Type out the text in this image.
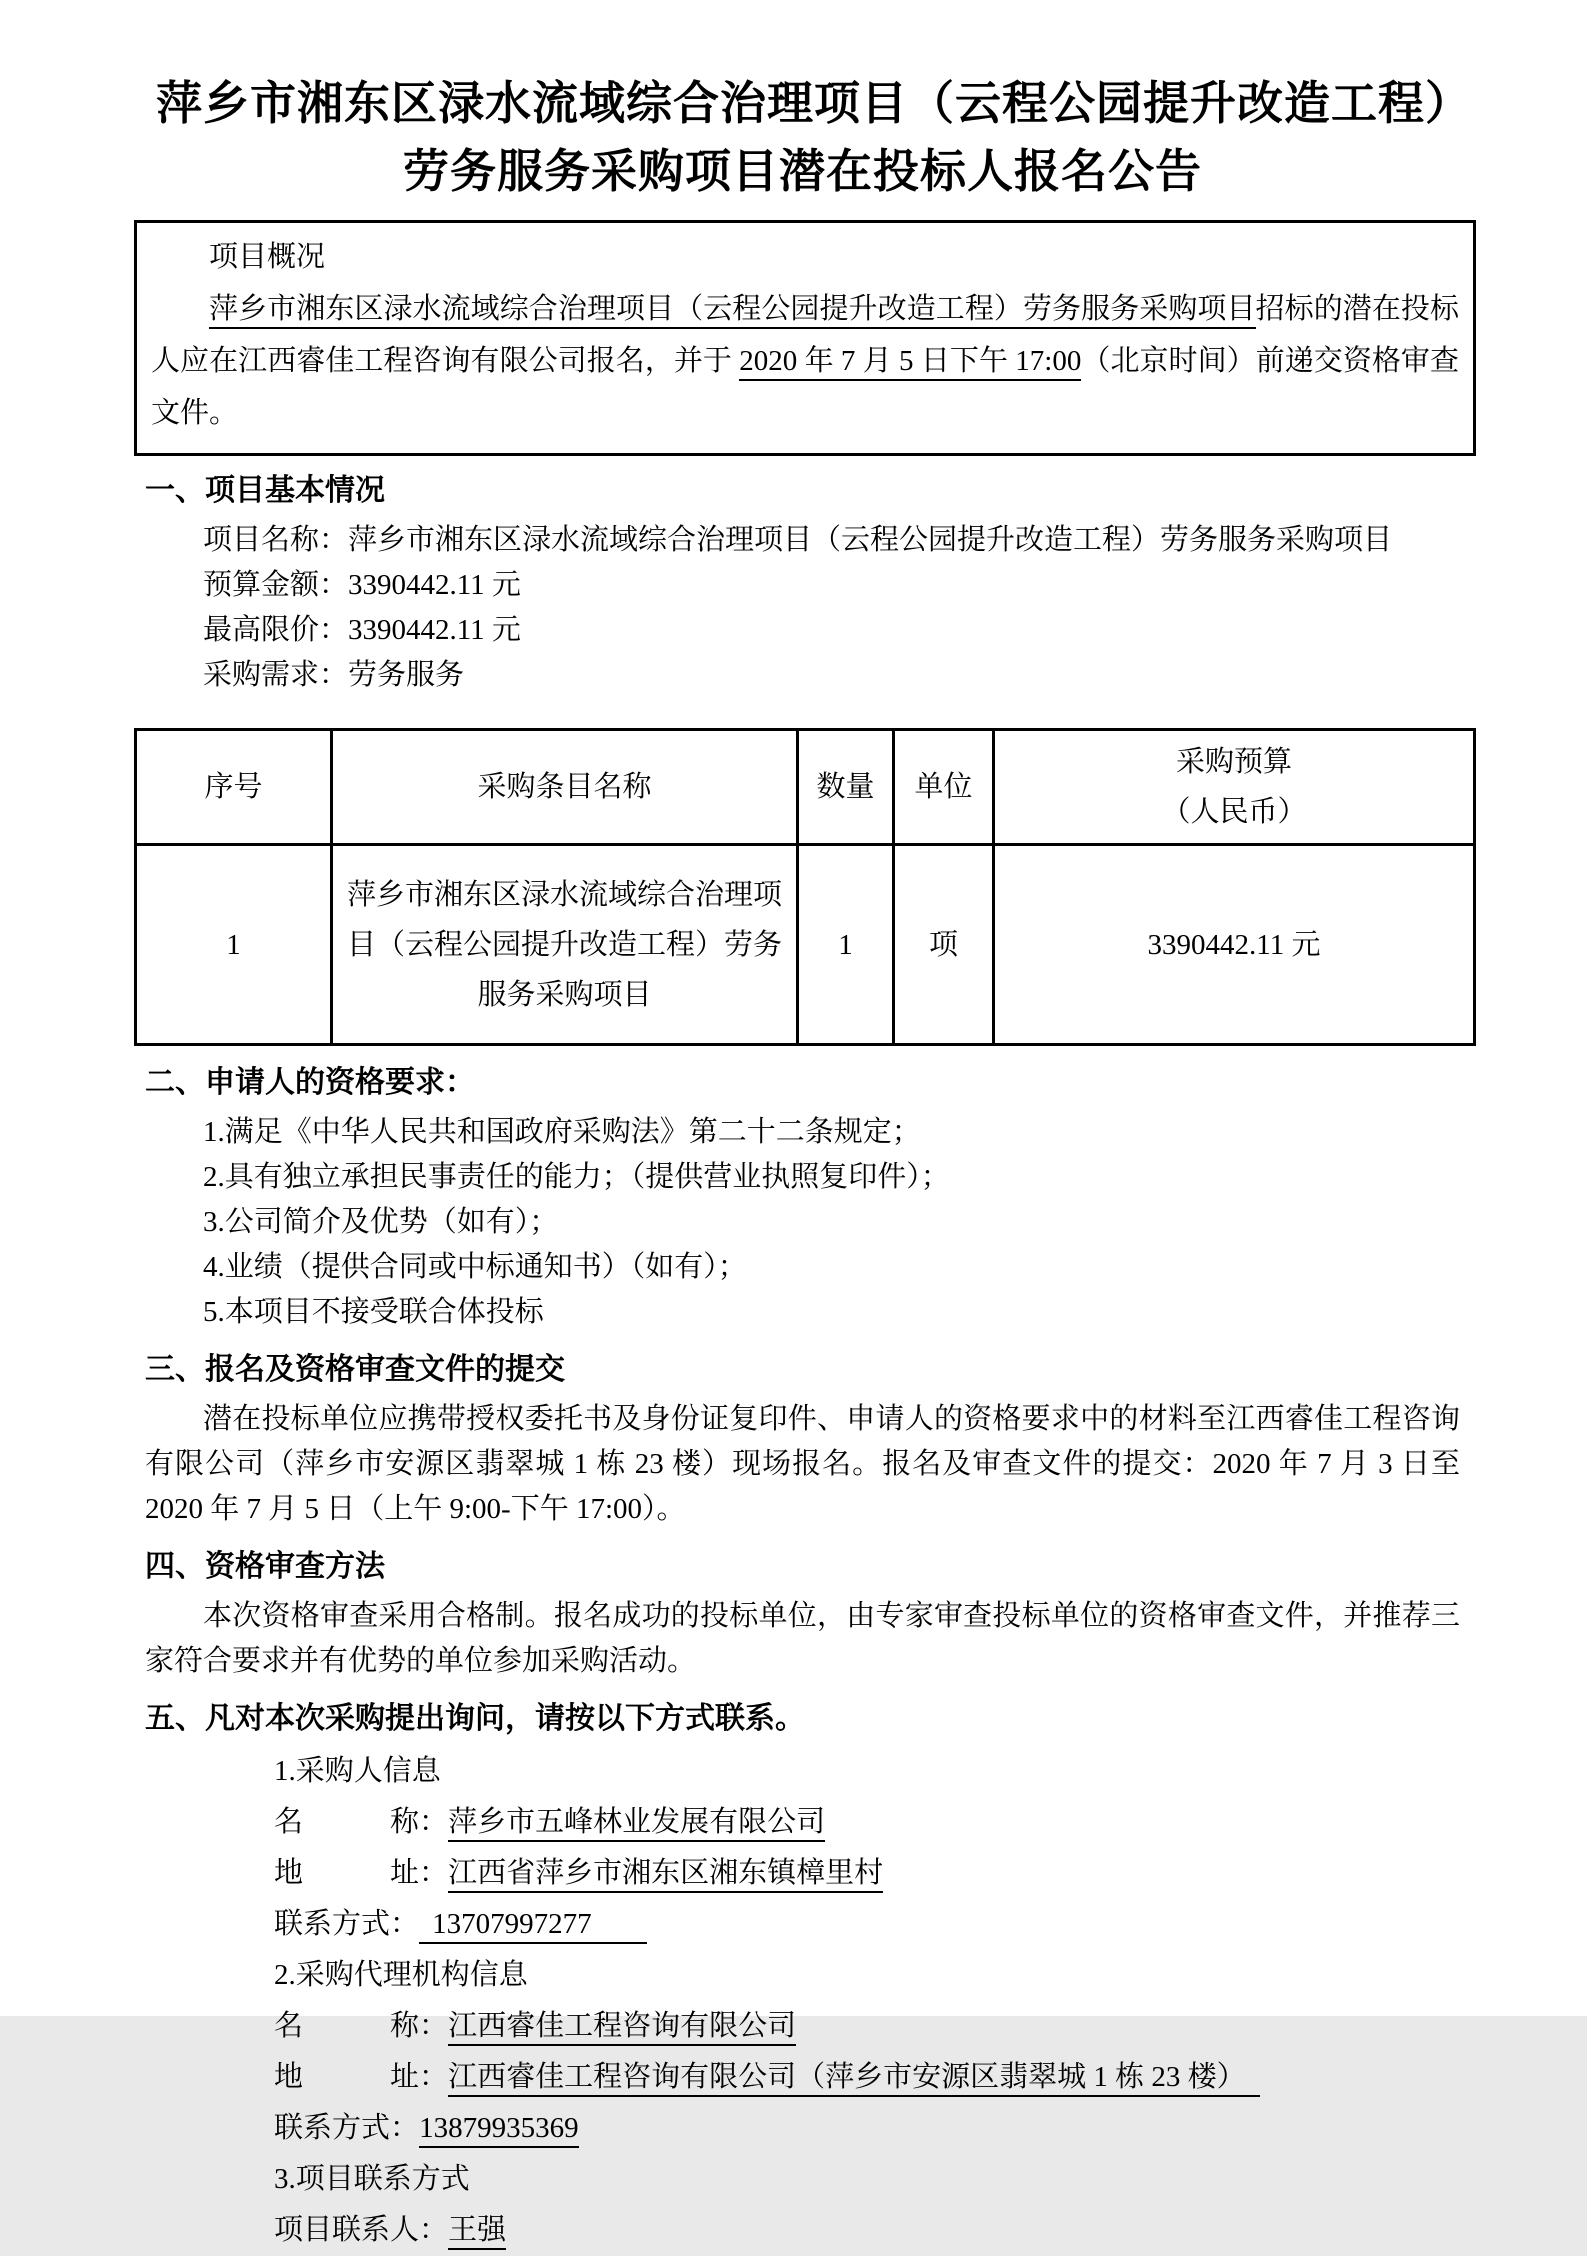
萍乡市湘东区渌水流域综合治理项目（云程公园提升改造工程）劳务服务采购项目潜在投标人报名公告

项目概况

萍乡市湘东区渌水流域综合治理项目（云程公园提升改造工程）劳务服务采购项目招标的潜在投标人应在江西睿佳工程咨询有限公司报名，并于 2020 年 7 月 5 日下午 17:00（北京时间）前递交资格审查文件。

一、项目基本情况

项目名称：萍乡市湘东区渌水流域综合治理项目（云程公园提升改造工程）劳务服务采购项目

预算金额：3390442.11 元

最高限价：3390442.11 元

采购需求：劳务服务

序号	采购条目名称	数量	单位	采购预算
（人民币）
1	萍乡市湘东区渌水流域综合治理项目（云程公园提升改造工程）劳务服务采购项目	1	项	3390442.11 元
二、申请人的资格要求：

1.满足《中华人民共和国政府采购法》第二十二条规定；

2.具有独立承担民事责任的能力；（提供营业执照复印件）；

3.公司简介及优势（如有）；

4.业绩（提供合同或中标通知书）（如有）；

5.本项目不接受联合体投标

三、报名及资格审查文件的提交

潜在投标单位应携带授权委托书及身份证复印件、申请人的资格要求中的材料至江西睿佳工程咨询有限公司（萍乡市安源区翡翠城 1 栋 23 楼）现场报名。报名及审查文件的提交：2020 年 7 月 3 日至 2020 年 7 月 5 日（上午 9:00-下午 17:00）。

四、资格审查方法

本次资格审查采用合格制。报名成功的投标单位，由专家审查投标单位的资格审查文件，并推荐三家符合要求并有优势的单位参加采购活动。

五、凡对本次采购提出询问，请按以下方式联系。

1.采购人信息

名　　　称：萍乡市五峰林业发展有限公司

地　　　址：江西省萍乡市湘东区湘东镇樟里村

联系方式： 13707997277

2.采购代理机构信息

名　　　称：江西睿佳工程咨询有限公司

地　　　址：江西睿佳工程咨询有限公司（萍乡市安源区翡翠城 1 栋 23 楼）

联系方式：13879935369

3.项目联系方式

项目联系人：王强
